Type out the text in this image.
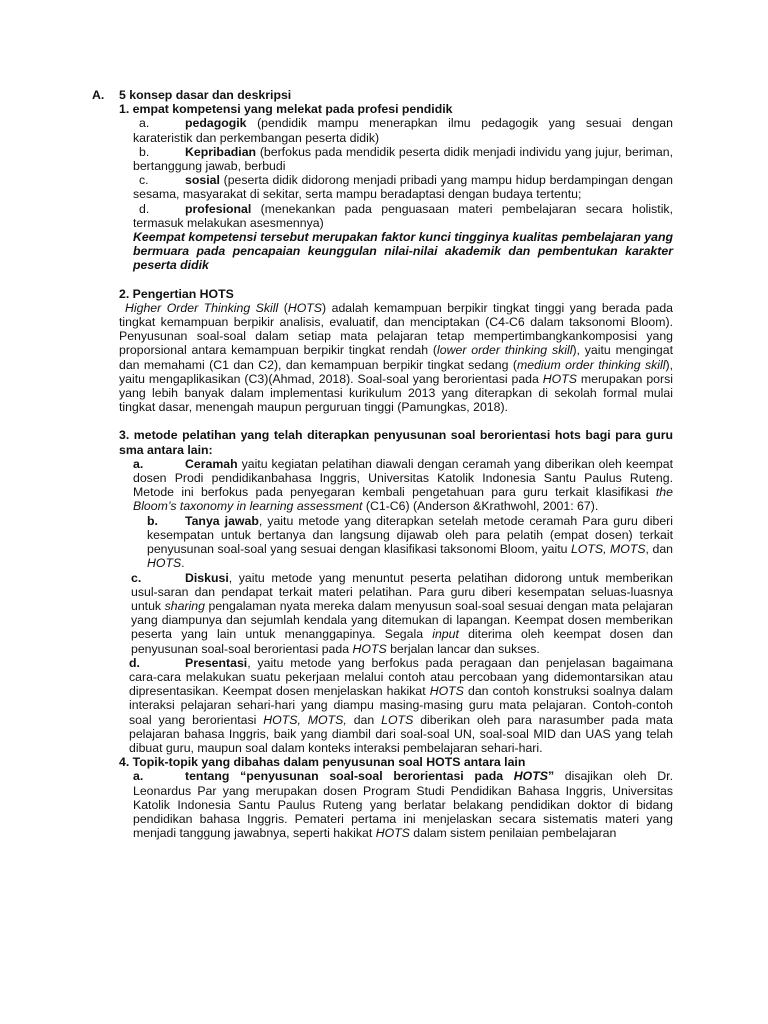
A.	5 konsep dasar dan deskripsi

1. empat kompetensi yang melekat pada profesi pendidik

a.	pedagogik (pendidik mampu menerapkan ilmu pedagogik yang sesuai dengan karateristik dan perkembangan peserta didik)

b.	Kepribadian (berfokus pada mendidik peserta didik menjadi individu yang jujur, beriman, bertanggung jawab, berbudi

c.	sosial (peserta didik didorong menjadi pribadi yang mampu hidup berdampingan dengan sesama, masyarakat di sekitar, serta mampu beradaptasi dengan budaya tertentu;

d.	profesional (menekankan pada penguasaan materi pembelajaran secara holistik, termasuk melakukan asesmennya)

Keempat kompetensi tersebut merupakan faktor kunci tingginya kualitas pembelajaran yang bermuara pada pencapaian keunggulan nilai-nilai akademik dan pembentukan karakter peserta didik

2. Pengertian HOTS

Higher Order Thinking Skill (HOTS) adalah kemampuan berpikir tingkat tinggi yang berada pada tingkat kemampuan berpikir analisis, evaluatif, dan menciptakan (C4-C6 dalam taksonomi Bloom). Penyusunan soal-soal dalam setiap mata pelajaran tetap mempertimbangkankomposisi yang proporsional antara kemampuan berpikir tingkat rendah (lower order thinking skill), yaitu mengingat dan memahami (C1 dan C2), dan kemampuan berpikir tingkat sedang (medium order thinking skill), yaitu mengaplikasikan (C3)(Ahmad, 2018). Soal-soal yang berorientasi pada HOTS merupakan porsi yang lebih banyak dalam implementasi kurikulum 2013 yang diterapkan di sekolah formal mulai tingkat dasar, menengah maupun perguruan tinggi (Pamungkas, 2018).

3. metode pelatihan yang telah diterapkan penyusunan soal berorientasi hots bagi para guru sma antara lain:

a.	Ceramah yaitu kegiatan pelatihan diawali dengan ceramah yang diberikan oleh keempat dosen Prodi pendidikanbahasa Inggris, Universitas Katolik Indonesia Santu Paulus Ruteng. Metode ini berfokus pada penyegaran kembali pengetahuan para guru terkait klasifikasi the Bloom’s taxonomy in learning assessment (C1-C6) (Anderson &Krathwohl, 2001: 67).

b. Tanya jawab, yaitu metode yang diterapkan setelah metode ceramah Para guru diberi kesempatan untuk bertanya dan langsung dijawab oleh para pelatih (empat dosen) terkait penyusunan soal-soal yang sesuai dengan klasifikasi taksonomi Bloom, yaitu LOTS, MOTS, dan HOTS.

c.	Diskusi, yaitu metode yang menuntut peserta pelatihan didorong untuk memberikan usul-saran dan pendapat terkait materi pelatihan. Para guru diberi kesempatan seluas-luasnya untuk sharing pengalaman nyata mereka dalam menyusun soal-soal sesuai dengan mata pelajaran yang diampunya dan sejumlah kendala yang ditemukan di lapangan. Keempat dosen memberikan peserta yang lain untuk menanggapinya. Segala input diterima oleh keempat dosen dan penyusunan soal-soal berorientasi pada HOTS berjalan lancar dan sukses.

d.	Presentasi, yaitu metode yang berfokus pada peragaan dan penjelasan bagaimana cara-cara melakukan suatu pekerjaan melalui contoh atau percobaan yang didemontarsikan atau dipresentasikan. Keempat dosen menjelaskan hakikat HOTS dan contoh konstruksi soalnya dalam interaksi pelajaran sehari-hari yang diampu masing-masing guru mata pelajaran. Contoh-contoh soal yang berorientasi HOTS, MOTS, dan LOTS diberikan oleh para narasumber pada mata pelajaran bahasa Inggris, baik yang diambil dari soal-soal UN, soal-soal MID dan UAS yang telah dibuat guru, maupun soal dalam konteks interaksi pembelajaran sehari-hari.

4. Topik-topik yang dibahas dalam penyusunan soal HOTS antara lain

a.	tentang “penyusunan soal-soal berorientasi pada HOTS” disajikan oleh Dr. Leonardus Par yang merupakan dosen Program Studi Pendidikan Bahasa Inggris, Universitas Katolik Indonesia Santu Paulus Ruteng yang berlatar belakang pendidikan doktor di bidang pendidikan bahasa Inggris. Pemateri pertama ini menjelaskan secara sistematis materi yang menjadi tanggung jawabnya, seperti hakikat HOTS dalam sistem penilaian pembelajaran
